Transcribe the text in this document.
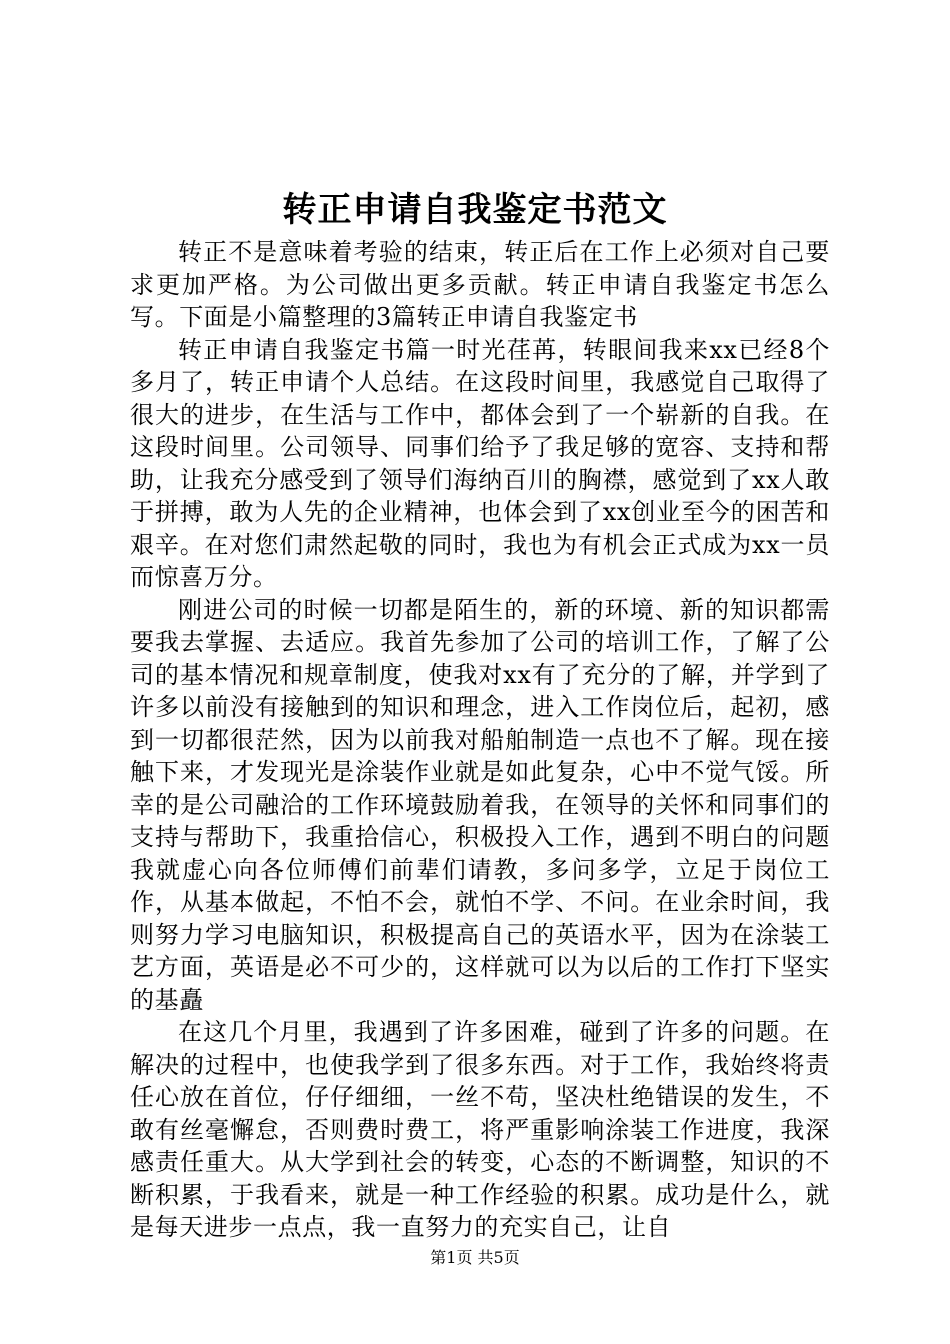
转正申请自我鉴定书范文

转正不是意味着考验的结束，转正后在工作上必须对自己要求更加严格。为公司做出更多贡献。转正申请自我鉴定书怎么写。下面是小篇整理的3篇转正申请自我鉴定书

转正申请自我鉴定书篇一时光荏苒，转眼间我来xx已经8个多月了，转正申请个人总结。在这段时间里，我感觉自己取得了很大的进步，在生活与工作中，都体会到了一个崭新的自我。在这段时间里。公司领导、同事们给予了我足够的宽容、支持和帮助，让我充分感受到了领导们海纳百川的胸襟，感觉到了xx人敢于拼搏，敢为人先的企业精神，也体会到了xx创业至今的困苦和艰辛。在对您们肃然起敬的同时，我也为有机会正式成为xx一员而惊喜万分。

刚进公司的时候一切都是陌生的，新的环境、新的知识都需要我去掌握、去适应。我首先参加了公司的培训工作，了解了公司的基本情况和规章制度，使我对xx有了充分的了解，并学到了许多以前没有接触到的知识和理念，进入工作岗位后，起初，感到一切都很茫然，因为以前我对船舶制造一点也不了解。现在接触下来，才发现光是涂装作业就是如此复杂，心中不觉气馁。所幸的是公司融洽的工作环境鼓励着我，在领导的关怀和同事们的支持与帮助下，我重拾信心，积极投入工作，遇到不明白的问题我就虚心向各位师傅们前辈们请教，多问多学，立足于岗位工作，从基本做起，不怕不会，就怕不学、不问。在业余时间，我则努力学习电脑知识，积极提高自己的英语水平，因为在涂装工艺方面，英语是必不可少的，这样就可以为以后的工作打下坚实的基矗

在这几个月里，我遇到了许多困难，碰到了许多的问题。在解决的过程中，也使我学到了很多东西。对于工作，我始终将责任心放在首位，仔仔细细，一丝不苟，坚决杜绝错误的发生，不敢有丝毫懈怠，否则费时费工，将严重影响涂装工作进度，我深感责任重大。从大学到社会的转变，心态的不断调整，知识的不断积累，于我看来，就是一种工作经验的积累。成功是什么，就是每天进步一点点，我一直努力的充实自己，让自

第1页 共5页
